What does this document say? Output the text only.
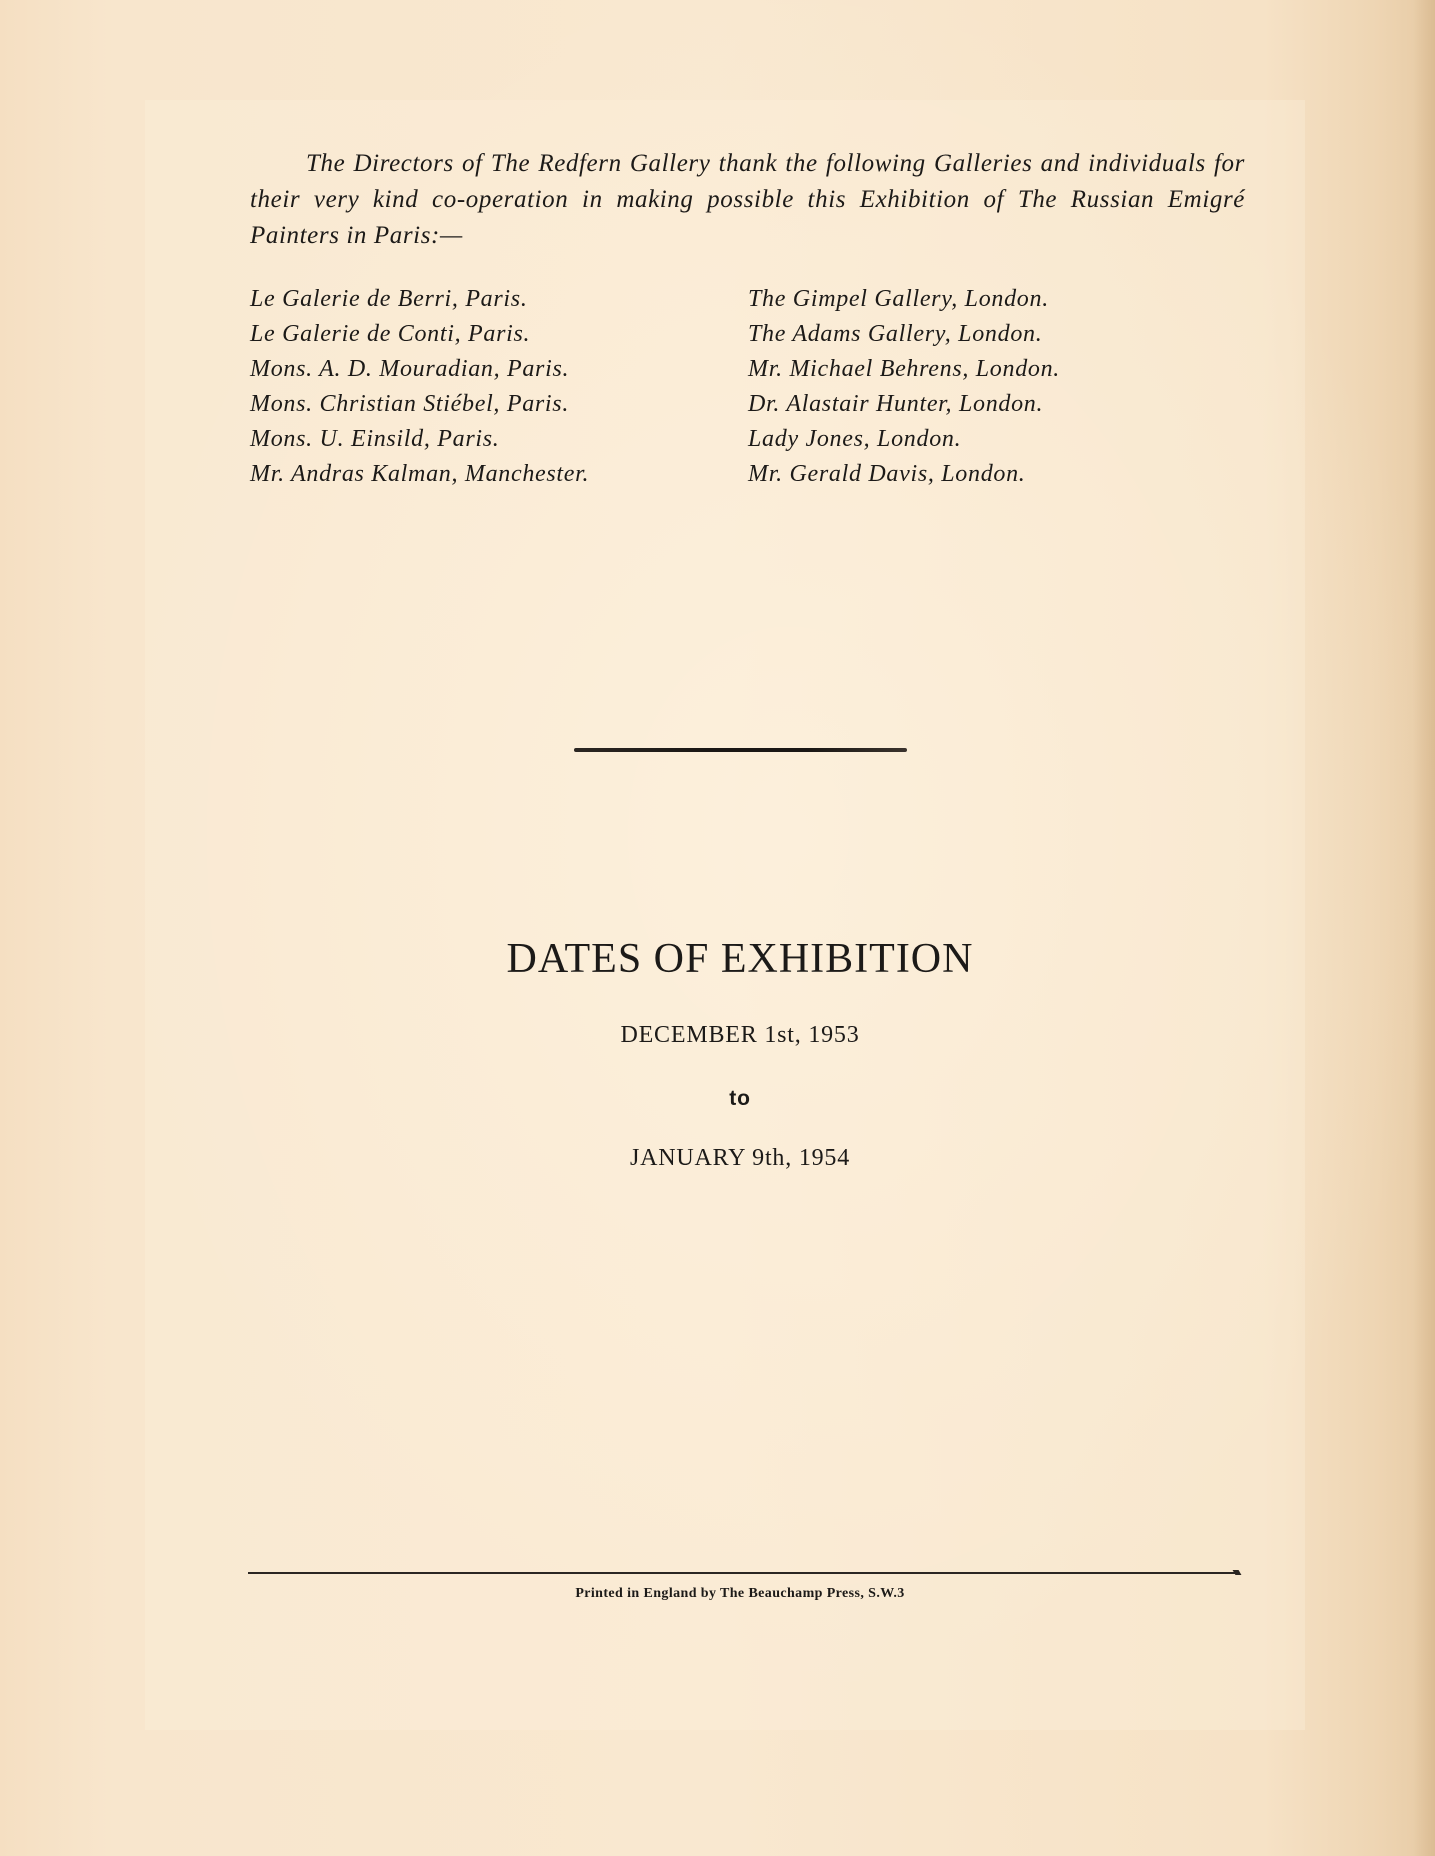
The Directors of The Redfern Gallery thank the following Galleries and individuals for their very kind co-operation in making possible this Exhibition of The Russian Emigré Painters in Paris:—

Le Galerie de Berri, Paris.
Le Galerie de Conti, Paris.
Mons. A. D. Mouradian, Paris.
Mons. Christian Stiébel, Paris.
Mons. U. Einsild, Paris.
Mr. Andras Kalman, Manchester.
The Gimpel Gallery, London.
The Adams Gallery, London.
Mr. Michael Behrens, London.
Dr. Alastair Hunter, London.
Lady Jones, London.
Mr. Gerald Davis, London.
DATES OF EXHIBITION

DECEMBER 1st, 1953

to

JANUARY 9th, 1954

Printed in England by The Beauchamp Press, S.W.3
